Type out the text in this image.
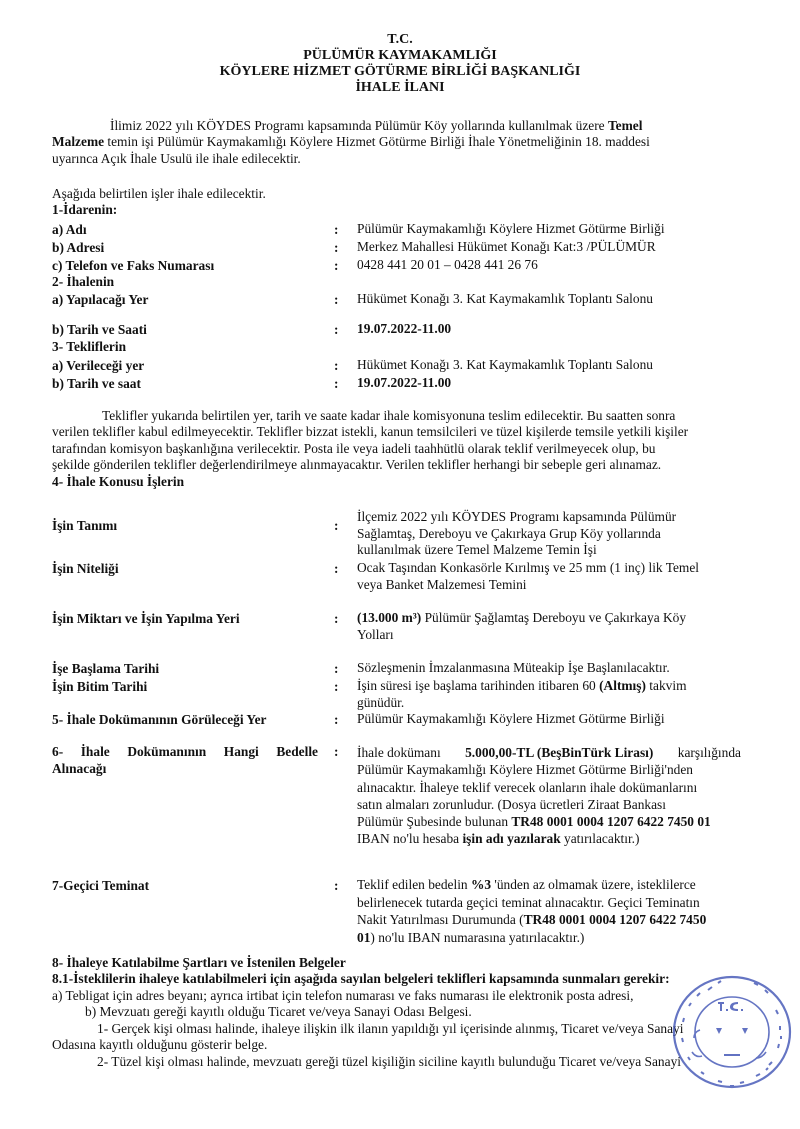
T.C.
PÜLÜMÜR KAYMAKAMLIĞI
KÖYLERE HİZMET GÖTÜRME BİRLİĞİ BAŞKANLIĞI
İHALE İLANI
İlimiz 2022 yılı KÖYDES Programı kapsamında Pülümür Köy yollarında kullanılmak üzere Temel
Malzeme temin işi Pülümür Kaymakamlığı Köylere Hizmet Götürme Birliği İhale Yönetmeliğinin 18. maddesi
uyarınca Açık İhale Usulü ile ihale edilecektir.
Aşağıda belirtilen işler ihale edilecektir.
1-İdarenin:
a) Adı	: Pülümür Kaymakamlığı Köylere Hizmet Götürme Birliği
b) Adresi	: Merkez Mahallesi Hükümet Konağı Kat:3 /PÜLÜMÜR
c) Telefon ve Faks Numarası	: 0428 441 20 01 – 0428 441 26 76
2- İhalenin
a) Yapılacağı Yer	: Hükümet Konağı 3. Kat Kaymakamlık Toplantı Salonu
b) Tarih ve Saati	: 19.07.2022-11.00
3- Tekliflerin
a) Verileceği yer	: Hükümet Konağı 3. Kat Kaymakamlık Toplantı Salonu
b) Tarih ve saat	: 19.07.2022-11.00
Teklifler yukarıda belirtilen yer, tarih ve saate kadar ihale komisyonuna teslim edilecektir. Bu saatten sonra
verilen teklifler kabul edilmeyecektir. Teklifler bizzat istekli, kanun temsilcileri ve tüzel kişilerde temsile yetkili kişiler
tarafından komisyon başkanlığına verilecektir. Posta ile veya iadeli taahhütlü olarak teklif verilmeyecek olup, bu
şekilde gönderilen teklifler değerlendirilmeye alınmayacaktır. Verilen teklifler herhangi bir sebeple geri alınamaz.
4- İhale Konusu İşlerin
İşin Tanımı	:
İlçemiz 2022 yılı KÖYDES Programı kapsamında Pülümür
Sağlamtaş, Dereboyu ve Çakırkaya Grup Köy yollarında
kullanılmak üzere Temel Malzeme Temin İşi
İşin Niteliği	: Ocak Taşından Konkasörle Kırılmış ve 25 mm (1 inç) lik Temel
veya Banket Malzemesi Temini
İşin Miktarı ve İşin Yapılma Yeri	: (13.000 m³) Pülümür Şağlamtaş Dereboyu ve Çakırkaya Köy
Yolları
İşe Başlama Tarihi	: Sözleşmenin İmzalanmasına Müteakip İşe Başlanılacaktır.
İşin Bitim Tarihi	: İşin süresi işe başlama tarihinden itibaren 60 (Altmış) takvim
günüdür.
5- İhale Dokümanının Görüleceği Yer	: Pülümür Kaymakamlığı Köylere Hizmet Götürme Birliği
6- İhale Dokümanının Hangi Bedelle
Alınacağı
: İhale dokümanı 5.000,00-TL (BeşBinTürk Lirası) karşılığında
Pülümür Kaymakamlığı Köylere Hizmet Götürme Birliği'nden
alınacaktır. İhaleye teklif verecek olanların ihale dokümanlarını
satın almaları zorunludur. (Dosya ücretleri Ziraat Bankası
Pülümür Şubesinde bulunan TR48 0001 0004 1207 6422 7450 01
IBAN no'lu hesaba işin adı yazılarak yatırılacaktır.)
7-Geçici Teminat	: Teklif edilen bedelin %3 'ünden az olmamak üzere, isteklilerce
belirlenecek tutarda geçici teminat alınacaktır. Geçici Teminatın
Nakit Yatırılması Durumunda (TR48 0001 0004 1207 6422 7450
01) no'lu IBAN numarasına yatırılacaktır.)
8- İhaleye Katılabilme Şartları ve İstenilen Belgeler
8.1-İsteklilerin ihaleye katılabilmeleri için aşağıda sayılan belgeleri teklifleri kapsamında sunmaları gerekir:
a) Tebligat için adres beyanı; ayrıca irtibat için telefon numarası ve faks numarası ile elektronik posta adresi,
b) Mevzuatı gereği kayıtlı olduğu Ticaret ve/veya Sanayi Odası Belgesi.
1- Gerçek kişi olması halinde, ihaleye ilişkin ilk ilanın yapıldığı yıl içerisinde alınmış, Ticaret ve/veya Sanayi
Odasına kayıtlı olduğunu gösterir belge.
2- Tüzel kişi olması halinde, mevzuatı gereği tüzel kişiliğin siciline kayıtlı bulunduğu Ticaret ve/veya Sanayi
